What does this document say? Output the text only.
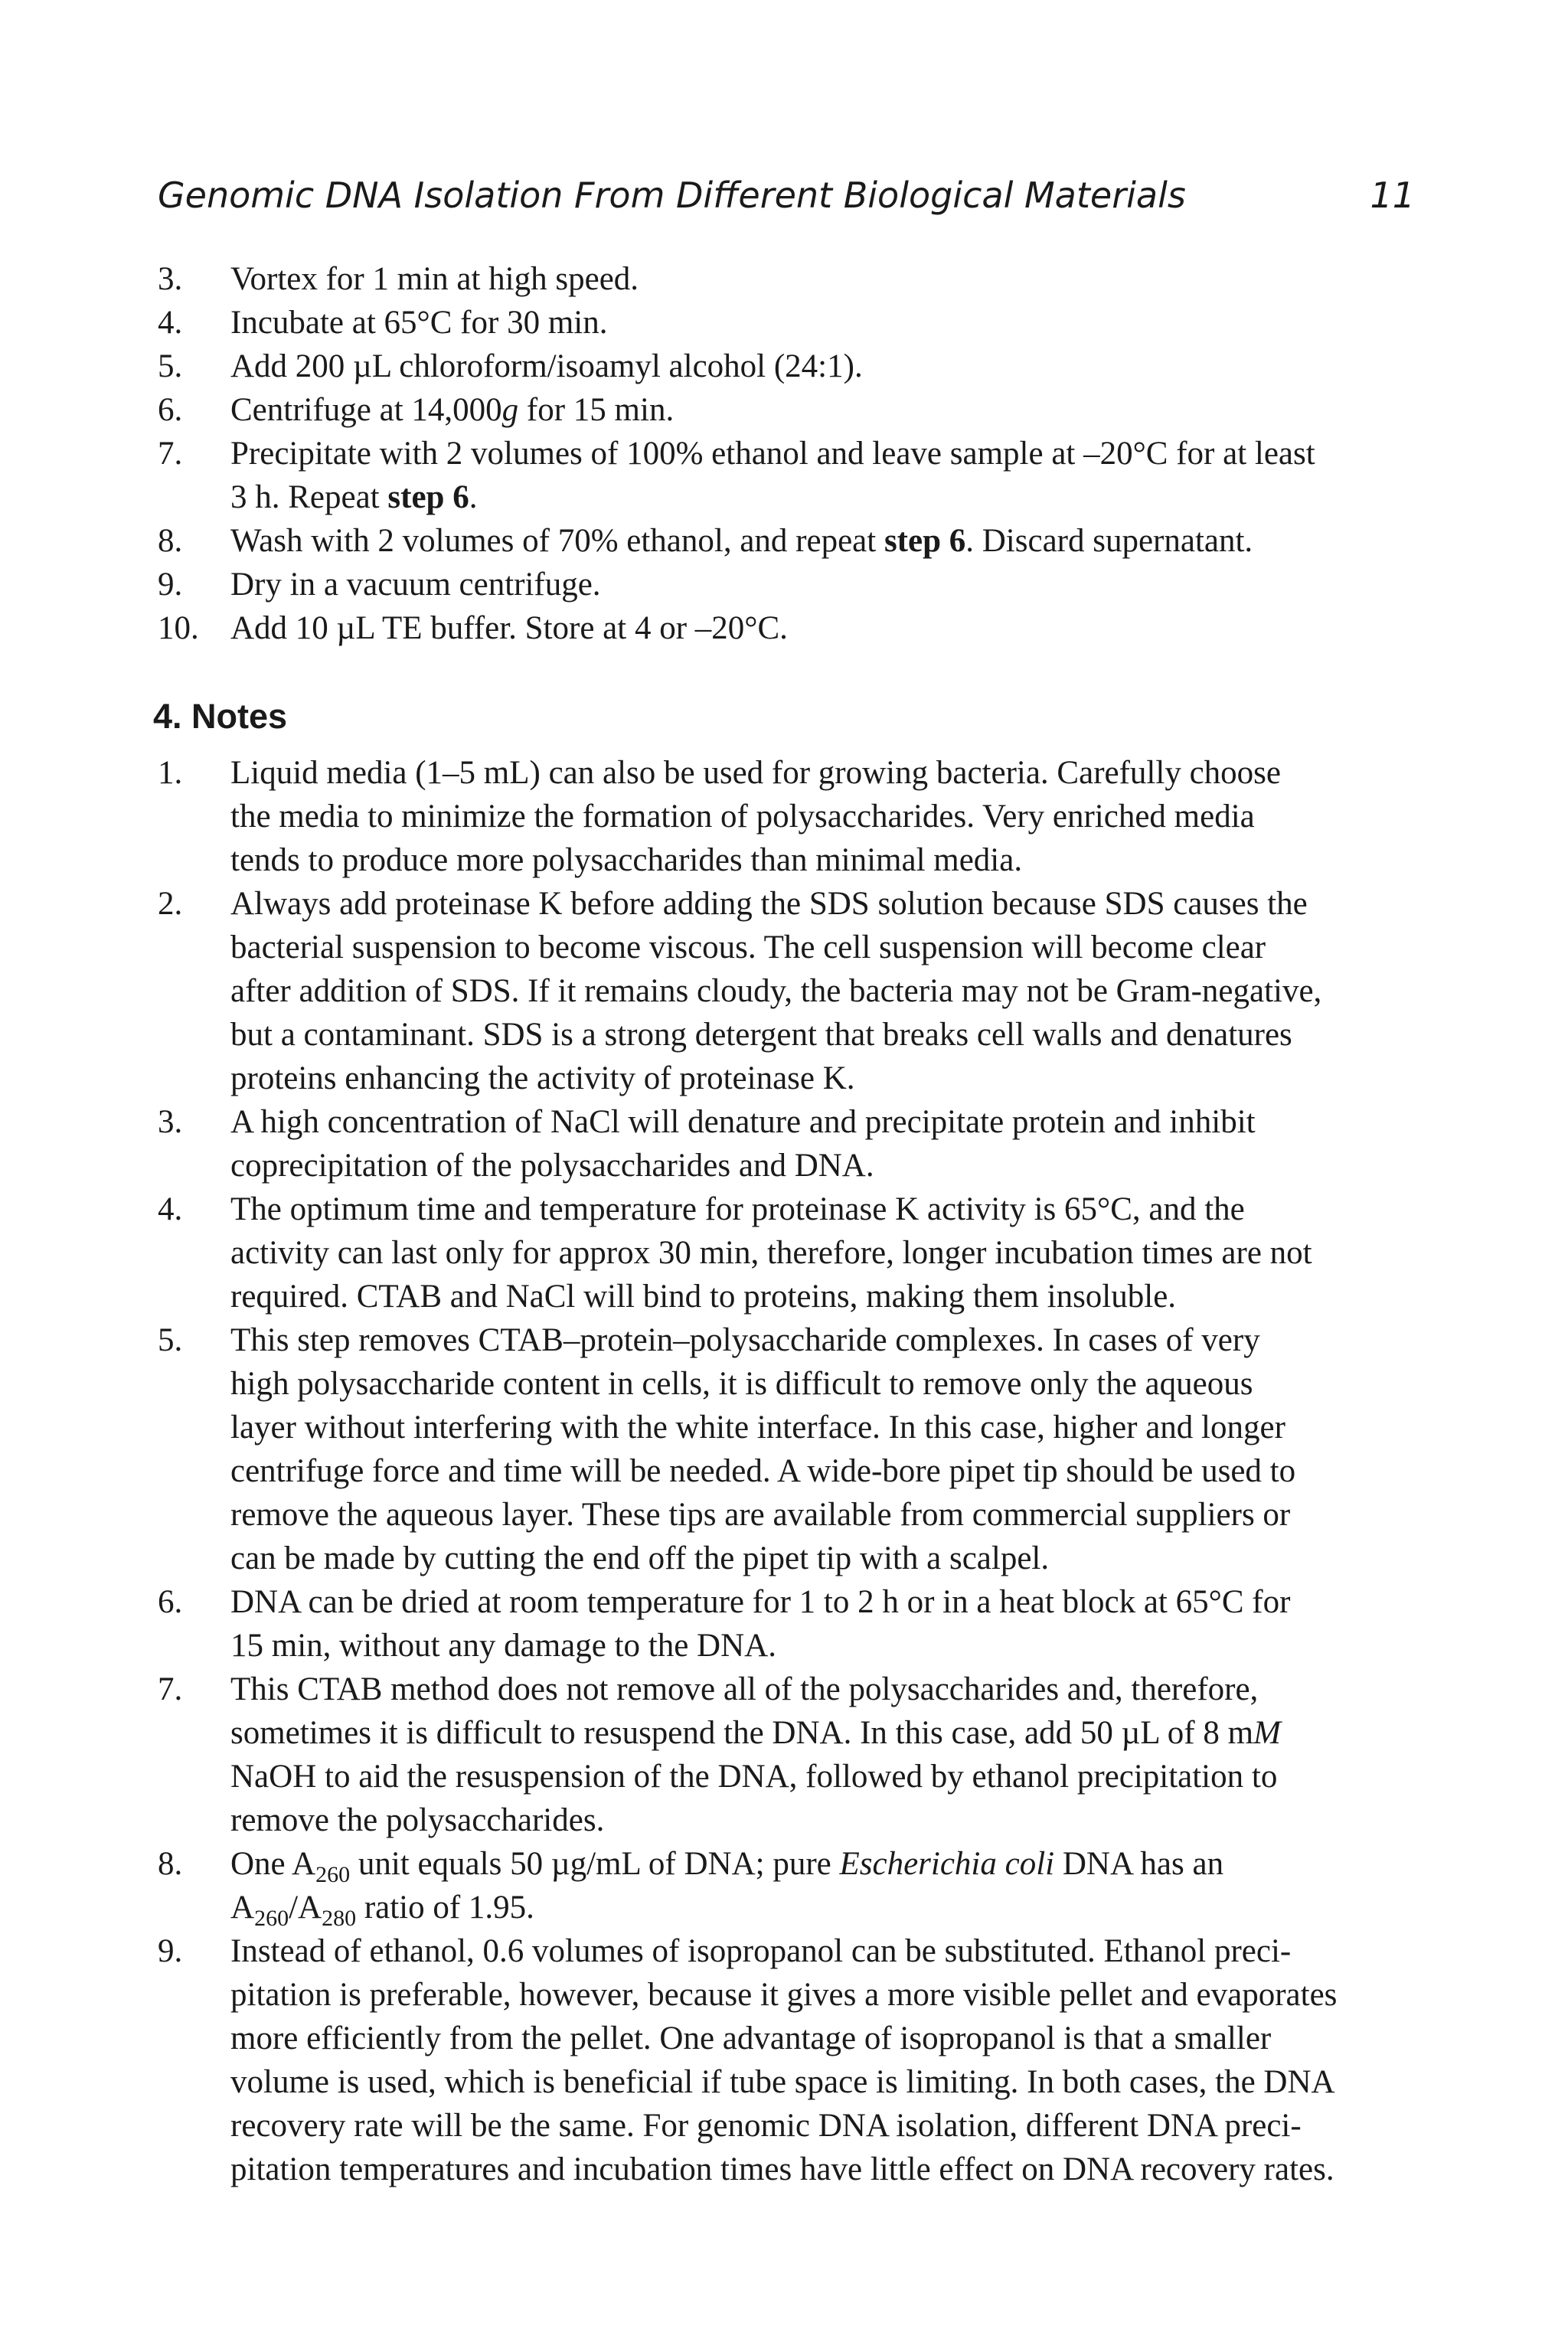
Genomic DNA Isolation From Different Biological Materials	11
3.	Vortex for 1 min at high speed.
4.	Incubate at 65°C for 30 min.
5.	Add 200 µL chloroform/isoamyl alcohol (24:1).
6.	Centrifuge at 14,000g for 15 min.
7.	Precipitate with 2 volumes of 100% ethanol and leave sample at –20°C for at least
3 h. Repeat step 6.
8.	Wash with 2 volumes of 70% ethanol, and repeat step 6. Discard supernatant.
9.	Dry in a vacuum centrifuge.
10. Add 10 µL TE buffer. Store at 4 or –20°C.
4. Notes
1.	Liquid media (1–5 mL) can also be used for growing bacteria. Carefully choose
the media to minimize the formation of polysaccharides. Very enriched media
tends to produce more polysaccharides than minimal media.
2.	Always add proteinase K before adding the SDS solution because SDS causes the
bacterial suspension to become viscous. The cell suspension will become clear
after addition of SDS. If it remains cloudy, the bacteria may not be Gram-negative,
but a contaminant. SDS is a strong detergent that breaks cell walls and denatures
proteins enhancing the activity of proteinase K.
3.	A high concentration of NaCl will denature and precipitate protein and inhibit
coprecipitation of the polysaccharides and DNA.
4.	The optimum time and temperature for proteinase K activity is 65°C, and the
activity can last only for approx 30 min, therefore, longer incubation times are not
required. CTAB and NaCl will bind to proteins, making them insoluble.
5.	This step removes CTAB–protein–polysaccharide complexes. In cases of very
high polysaccharide content in cells, it is difficult to remove only the aqueous
layer without interfering with the white interface. In this case, higher and longer
centrifuge force and time will be needed. A wide-bore pipet tip should be used to
remove the aqueous layer. These tips are available from commercial suppliers or
can be made by cutting the end off the pipet tip with a scalpel.
6.	DNA can be dried at room temperature for 1 to 2 h or in a heat block at 65°C for
15 min, without any damage to the DNA.
7.	This CTAB method does not remove all of the polysaccharides and, therefore,
sometimes it is difficult to resuspend the DNA. In this case, add 50 µL of 8 mM
NaOH to aid the resuspension of the DNA, followed by ethanol precipitation to
remove the polysaccharides.
8.	One $A_{260}$ unit equals 50 µg/mL of DNA; pure Escherichia coli DNA has an
$A_{260}/A_{280}$ ratio of 1.95.
9.	Instead of ethanol, 0.6 volumes of isopropanol can be substituted. Ethanol preci-
pitation is preferable, however, because it gives a more visible pellet and evaporates
more efficiently from the pellet. One advantage of isopropanol is that a smaller
volume is used, which is beneficial if tube space is limiting. In both cases, the DNA
recovery rate will be the same. For genomic DNA isolation, different DNA preci-
pitation temperatures and incubation times have little effect on DNA recovery rates.
